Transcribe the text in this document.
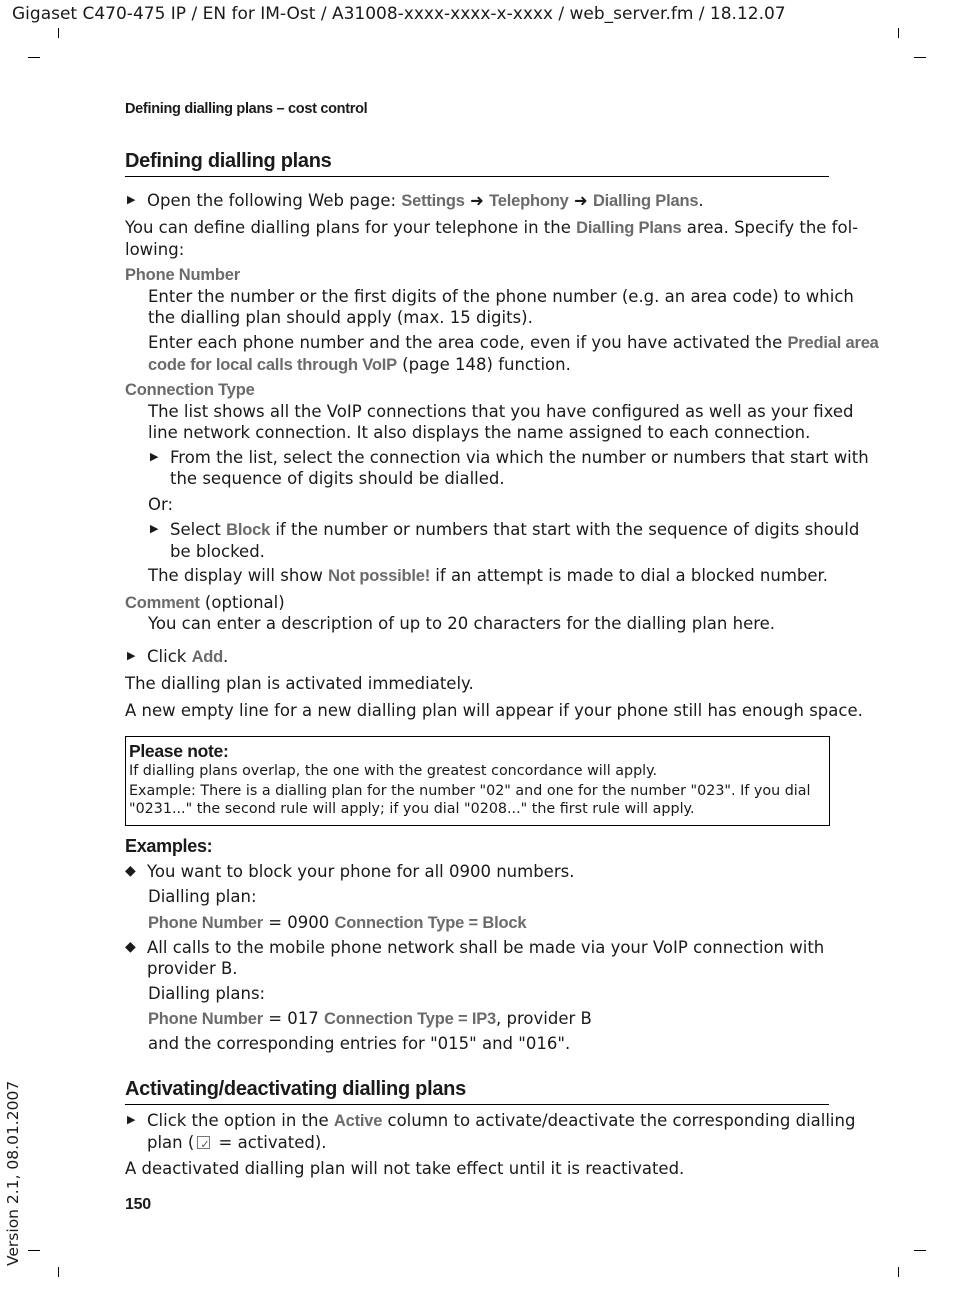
Gigaset C470-475 IP / EN for IM-Ost / A31008-xxxx-xxxx-x-xxxx / web_server.fm / 18.12.07
Defining dialling plans – cost control
Defining dialling plans
▶ Open the following Web page: Settings ➜ Telephony ➜ Dialling Plans.
You can define dialling plans for your telephone in the Dialling Plans area. Specify the fol-
lowing:
Phone Number
Enter the number or the first digits of the phone number (e.g. an area code) to which
the dialling plan should apply (max. 15 digits).
Enter each phone number and the area code, even if you have activated the Predial area
code for local calls through VoIP (page 148) function.
Connection Type
The list shows all the VoIP connections that you have configured as well as your fixed
line network connection. It also displays the name assigned to each connection.
▶ From the list, select the connection via which the number or numbers that start with
the sequence of digits should be dialled.
Or:
▶ Select Block if the number or numbers that start with the sequence of digits should
be blocked.
The display will show Not possible! if an attempt is made to dial a blocked number.
Comment (optional)
You can enter a description of up to 20 characters for the dialling plan here.
▶ Click Add.
The dialling plan is activated immediately.
A new empty line for a new dialling plan will appear if your phone still has enough space.
Please note:
If dialling plans overlap, the one with the greatest concordance will apply.
Example: There is a dialling plan for the number "02" and one for the number "023". If you dial
"0231..." the second rule will apply; if you dial "0208..." the first rule will apply.
Examples:
◆ You want to block your phone for all 0900 numbers.
Dialling plan:
Phone Number = 0900 Connection Type = Block
◆ All calls to the mobile phone network shall be made via your VoIP connection with
provider B.
Dialling plans:
Phone Number = 017 Connection Type = IP3, provider B
and the corresponding entries for "015" and "016".
Activating/deactivating dialling plans
▶ Click the option in the Active column to activate/deactivate the corresponding dialling
plan ( ✓ = activated).
A deactivated dialling plan will not take effect until it is reactivated.
150
Version 2.1, 08.01.2007
